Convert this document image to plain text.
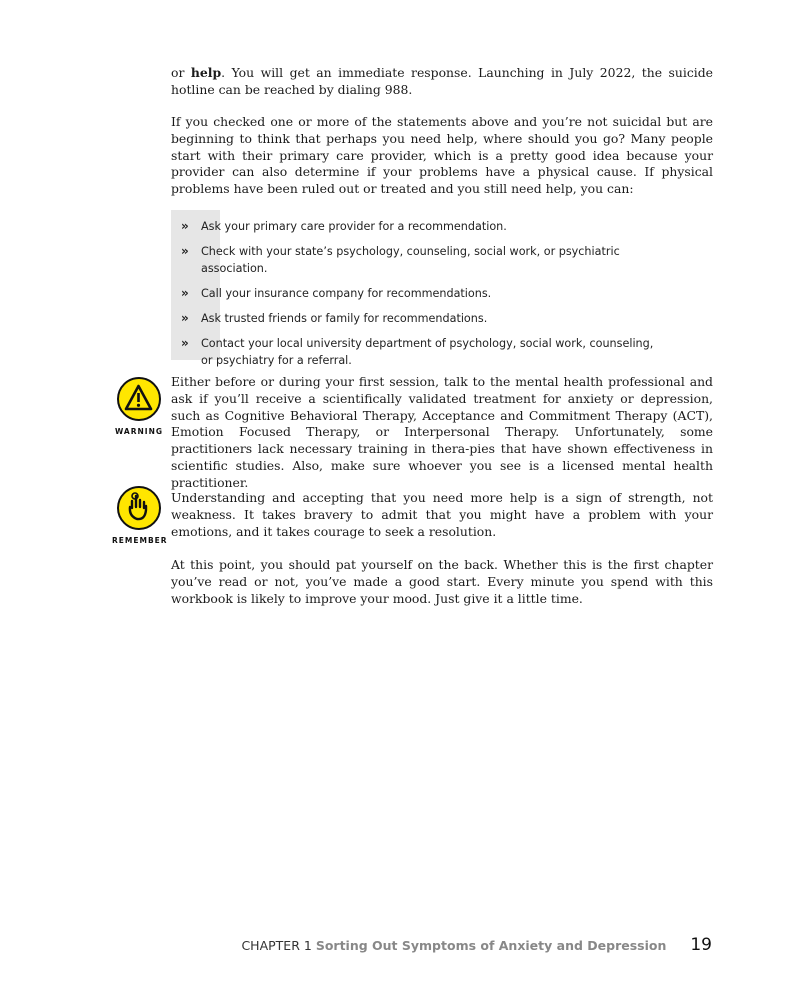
or help. You will get an immediate response. Launching in July 2022, the suicide hotline can be reached by dialing 988.

If you checked one or more of the statements above and you’re not suicidal but are beginning to think that perhaps you need help, where should you go? Many people start with their primary care provider, which is a pretty good idea because your provider can also determine if your problems have a physical cause. If physical problems have been ruled out or treated and you still need help, you can:

» Ask your primary care provider for a recommendation.
» Check with your state’s psychology, counseling, social work, or psychiatric association.
» Call your insurance company for recommendations.
» Ask trusted friends or family for recommendations.
» Contact your local university department of psychology, social work, counseling, or psychiatry for a referral.
WARNING

Either before or during your first session, talk to the mental health professional and ask if you’ll receive a scientifically validated treatment for anxiety or depression, such as Cognitive Behavioral Therapy, Acceptance and Commitment Therapy (ACT), Emotion Focused Therapy, or Interpersonal Therapy. Unfortunately, some practitioners lack necessary training in thera-pies that have shown effectiveness in scientific studies. Also, make sure whoever you see is a licensed mental health practitioner.

REMEMBER

Understanding and accepting that you need more help is a sign of strength, not weakness. It takes bravery to admit that you might have a problem with your emotions, and it takes courage to seek a resolution.

At this point, you should pat yourself on the back. Whether this is the first chapter you’ve read or not, you’ve made a good start. Every minute you spend with this workbook is likely to improve your mood. Just give it a little time.

CHAPTER 1 Sorting Out Symptoms of Anxiety and Depression 19
